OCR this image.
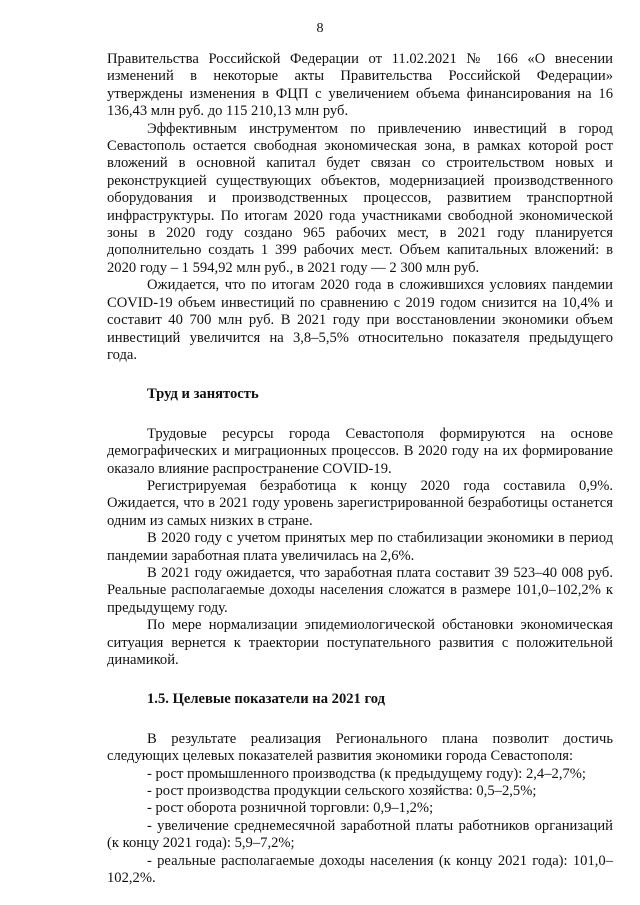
8

Правительства Российской Федерации от 11.02.2021 № 166 «О внесении изменений в некоторые акты Правительства Российской Федерации» утверждены изменения в ФЦП с увеличением объема финансирования на 16 136,43 млн руб. до 115 210,13 млн руб.

Эффективным инструментом по привлечению инвестиций в город Севастополь остается свободная экономическая зона, в рамках которой рост вложений в основной капитал будет связан со строительством новых и реконструкцией существующих объектов, модернизацией производственного оборудования и производственных процессов, развитием транспортной инфраструктуры. По итогам 2020 года участниками свободной экономической зоны в 2020 году создано 965 рабочих мест, в 2021 году планируется дополнительно создать 1 399 рабочих мест. Объем капитальных вложений: в 2020 году – 1 594,92 млн руб., в 2021 году — 2 300 млн руб.

Ожидается, что по итогам 2020 года в сложившихся условиях пандемии COVID-19 объем инвестиций по сравнению с 2019 годом снизится на 10,4% и составит 40 700 млн руб. В 2021 году при восстановлении экономики объем инвестиций увеличится на 3,8–5,5% относительно показателя предыдущего года.

Труд и занятость

Трудовые ресурсы города Севастополя формируются на основе демографических и миграционных процессов. В 2020 году на их формирование оказало влияние распространение COVID-19.

Регистрируемая безработица к концу 2020 года составила 0,9%. Ожидается, что в 2021 году уровень зарегистрированной безработицы останется одним из самых низких в стране.

В 2020 году с учетом принятых мер по стабилизации экономики в период пандемии заработная плата увеличилась на 2,6%.

В 2021 году ожидается, что заработная плата составит 39 523–40 008 руб. Реальные располагаемые доходы населения сложатся в размере 101,0–102,2% к предыдущему году.

По мере нормализации эпидемиологической обстановки экономическая ситуация вернется к траектории поступательного развития с положительной динамикой.

1.5. Целевые показатели на 2021 год

В результате реализация Регионального плана позволит достичь следующих целевых показателей развития экономики города Севастополя:

- рост промышленного производства (к предыдущему году): 2,4–2,7%;

- рост производства продукции сельского хозяйства: 0,5–2,5%;

- рост оборота розничной торговли: 0,9–1,2%;

- увеличение среднемесячной заработной платы работников организаций (к концу 2021 года): 5,9–7,2%;

- реальные располагаемые доходы населения (к концу 2021 года): 101,0–102,2%.
